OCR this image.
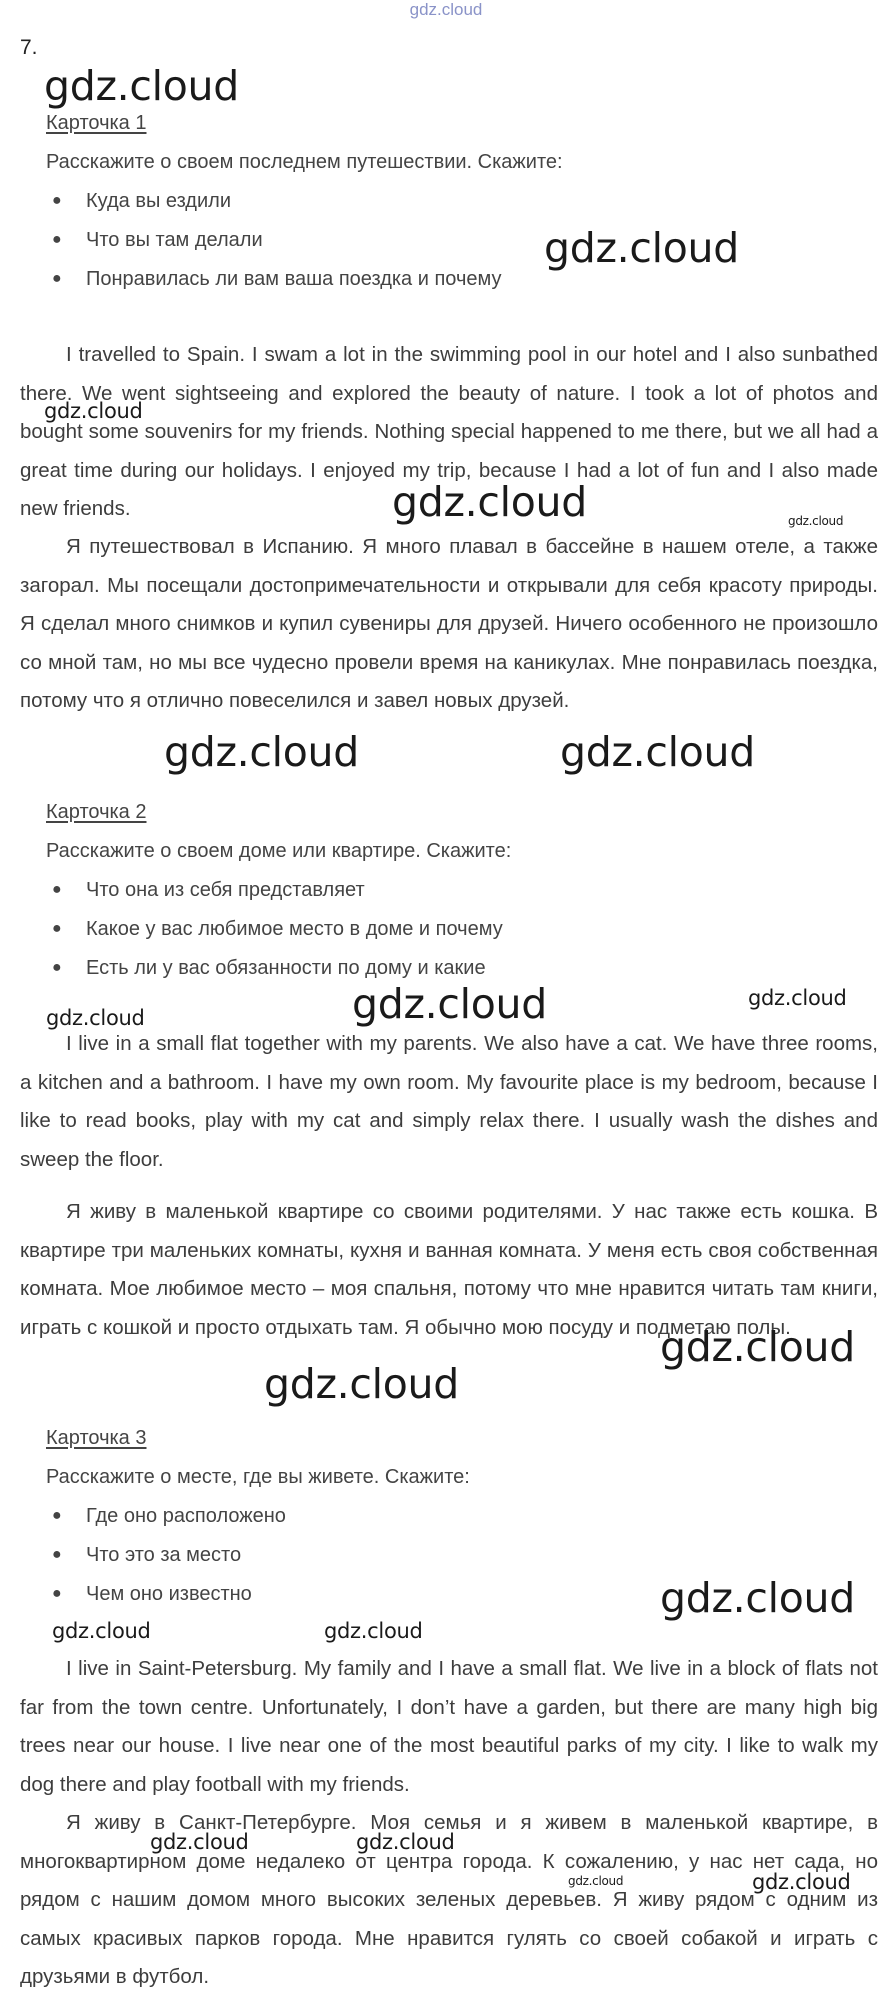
gdz.cloud
7.
Карточка 1
Расскажите о своем последнем путешествии. Скажите:
● Куда вы ездили
● Что вы там делали
● Понравилась ли вам ваша поездка и почему

I travelled to Spain. I swam a lot in the swimming pool in our hotel and I also sunbathed there. We went sightseeing and explored the beauty of nature. I took a lot of photos and bought some souvenirs for my friends. Nothing special happened to me there, but we all had a great time during our holidays. I enjoyed my trip, because I had a lot of fun and I also made new friends.

Я путешествовал в Испанию. Я много плавал в бассейне в нашем отеле, а также загорал. Мы посещали достопримечательности и открывали для себя красоту природы. Я сделал много снимков и купил сувениры для друзей. Ничего особенного не произошло со мной там, но мы все чудесно провели время на каникулах. Мне понравилась поездка, потому что я отлично повеселился и завел новых друзей.

Карточка 2
Расскажите о своем доме или квартире. Скажите:
● Что она из себя представляет
● Какое у вас любимое место в доме и почему
● Есть ли у вас обязанности по дому и какие

I live in a small flat together with my parents. We also have a cat. We have three rooms, a kitchen and a bathroom. I have my own room. My favourite place is my bedroom, because I like to read books, play with my cat and simply relax there. I usually wash the dishes and sweep the floor.

Я живу в маленькой квартире со своими родителями. У нас также есть кошка. В квартире три маленьких комнаты, кухня и ванная комната. У меня есть своя собственная комната. Мое любимое место – моя спальня, потому что мне нравится читать там книги, играть с кошкой и просто отдыхать там. Я обычно мою посуду и подметаю полы.

Карточка 3
Расскажите о месте, где вы живете. Скажите:
● Где оно расположено
● Что это за место
● Чем оно известно

I live in Saint-Petersburg. My family and I have a small flat. We live in a block of flats not far from the town centre. Unfortunately, I don’t have a garden, but there are many high big trees near our house. I live near one of the most beautiful parks of my city. I like to walk my dog there and play football with my friends.

Я живу в Санкт-Петербурге. Моя семья и я живем в маленькой квартире, в многоквартирном доме недалеко от центра города. К сожалению, у нас нет сада, но рядом с нашим домом много высоких зеленых деревьев. Я живу рядом с одним из самых красивых парков города. Мне нравится гулять со своей собакой и играть с друзьями в футбол.

gdz.cloud
gdz.cloud
gdz.cloud
gdz.cloud	gdz.cloud
gdz.cloud	gdz.cloud
gdz.cloud	gdz.cloud	gdz.cloud
gdz.cloud
gdz.cloud
gdz.cloud
gdz.cloud	gdz.cloud
gdz.cloud	gdz.cloud
gdz.cloud	gdz.cloud
